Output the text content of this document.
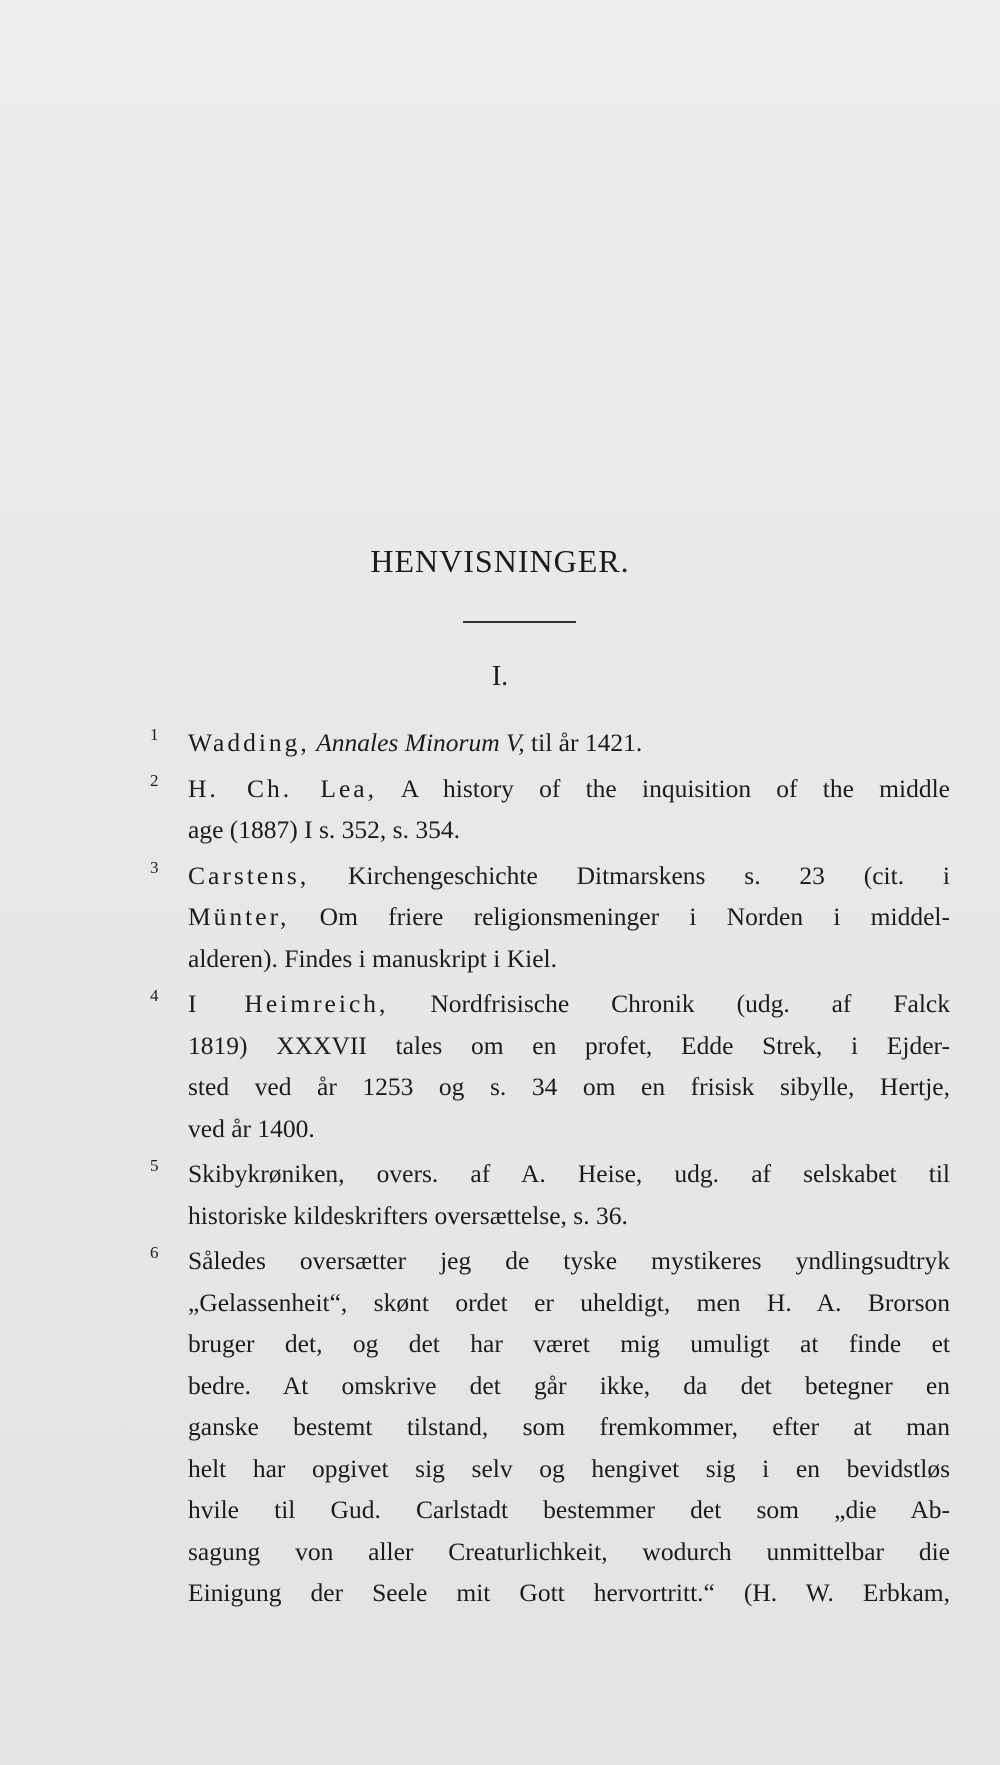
HENVISNINGER.
I.
1 Wadding, Annales Minorum V, til år 1421.
2 H. Ch. Lea, A history of the inquisition of the middle
age (1887) I s. 352, s. 354.
3 Carstens, Kirchengeschichte Ditmarskens s. 23 (cit. i
Münter, Om friere religionsmeninger i Norden i middel-
alderen). Findes i manuskript i Kiel.
4 I Heimreich, Nordfrisische Chronik (udg. af Falck
1819) XXXVII tales om en profet, Edde Strek, i Ejder-
sted ved år 1253 og s. 34 om en frisisk sibylle, Hertje,
ved år 1400.
5 Skibykrøniken, overs. af A. Heise, udg. af selskabet til
historiske kildeskrifters oversættelse, s. 36.
6 Således oversætter jeg de tyske mystikeres yndlingsudtryk
„Gelassenheit“, skønt ordet er uheldigt, men H. A. Brorson
bruger det, og det har været mig umuligt at finde et
bedre. At omskrive det går ikke, da det betegner en
ganske bestemt tilstand, som fremkommer, efter at man
helt har opgivet sig selv og hengivet sig i en bevidstløs
hvile til Gud. Carlstadt bestemmer det som „die Ab-
sagung von aller Creaturlichkeit, wodurch unmittelbar die
Einigung der Seele mit Gott hervortritt.“ (H. W. Erbkam,
